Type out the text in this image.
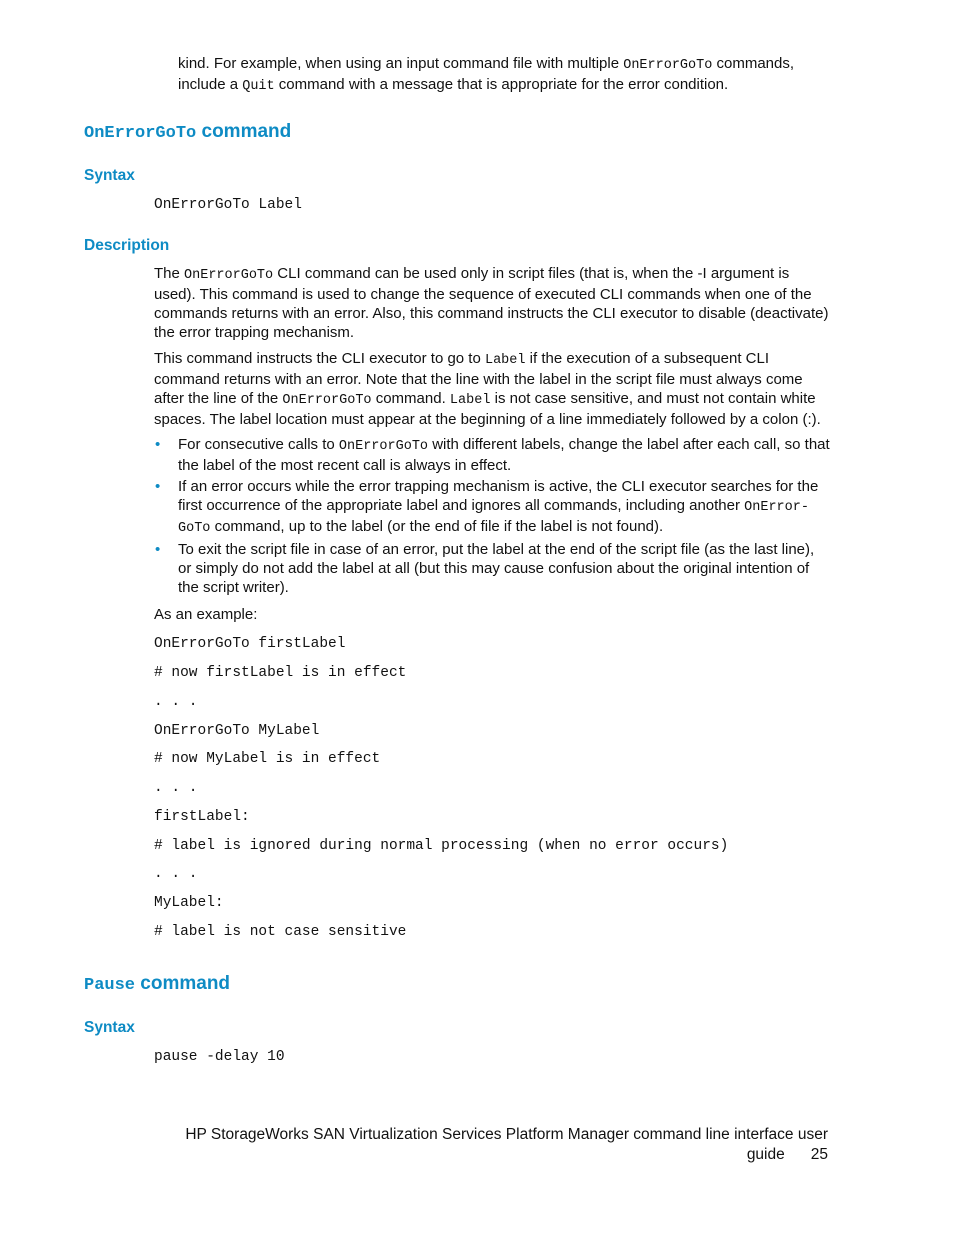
kind. For example, when using an input command file with multiple OnErrorGoTo commands,

include a Quit command with a message that is appropriate for the error condition.

OnErrorGoTo command
Syntax
OnErrorGoTo Label
Description

The OnErrorGoTo CLI command can be used only in script files (that is, when the -I argument is used). This command is used to change the sequence of executed CLI commands when one of the commands returns with an error. Also, this command instructs the CLI executor to disable (deactivate) the error trapping mechanism.

This command instructs the CLI executor to go to Label if the execution of a subsequent CLI command returns with an error. Note that the line with the label in the script file must always come after the line of the OnErrorGoTo command. Label is not case sensitive, and must not contain white spaces. The label location must appear at the beginning of a line immediately followed by a colon (:).

• For consecutive calls to OnErrorGoTo with different labels, change the label after each call, so that the label of the most recent call is always in effect.

• If an error occurs while the error trapping mechanism is active, the CLI executor searches for the first occurrence of the appropriate label and ignores all commands, including another OnError-GoTo command, up to the label (or the end of file if the label is not found).

• To exit the script file in case of an error, put the label at the end of the script file (as the last line), or simply do not add the label at all (but this may cause confusion about the original intention of the script writer).

As an example:

OnErrorGoTo firstLabel
# now firstLabel is in effect
. . .
OnErrorGoTo MyLabel
# now MyLabel is in effect
. . .
firstLabel:
# label is ignored during normal processing (when no error occurs)
. . .
MyLabel:
# label is not case sensitive
Pause command
Syntax
pause -delay 10

HP StorageWorks SAN Virtualization Services Platform Manager command line interface user

guide 25
